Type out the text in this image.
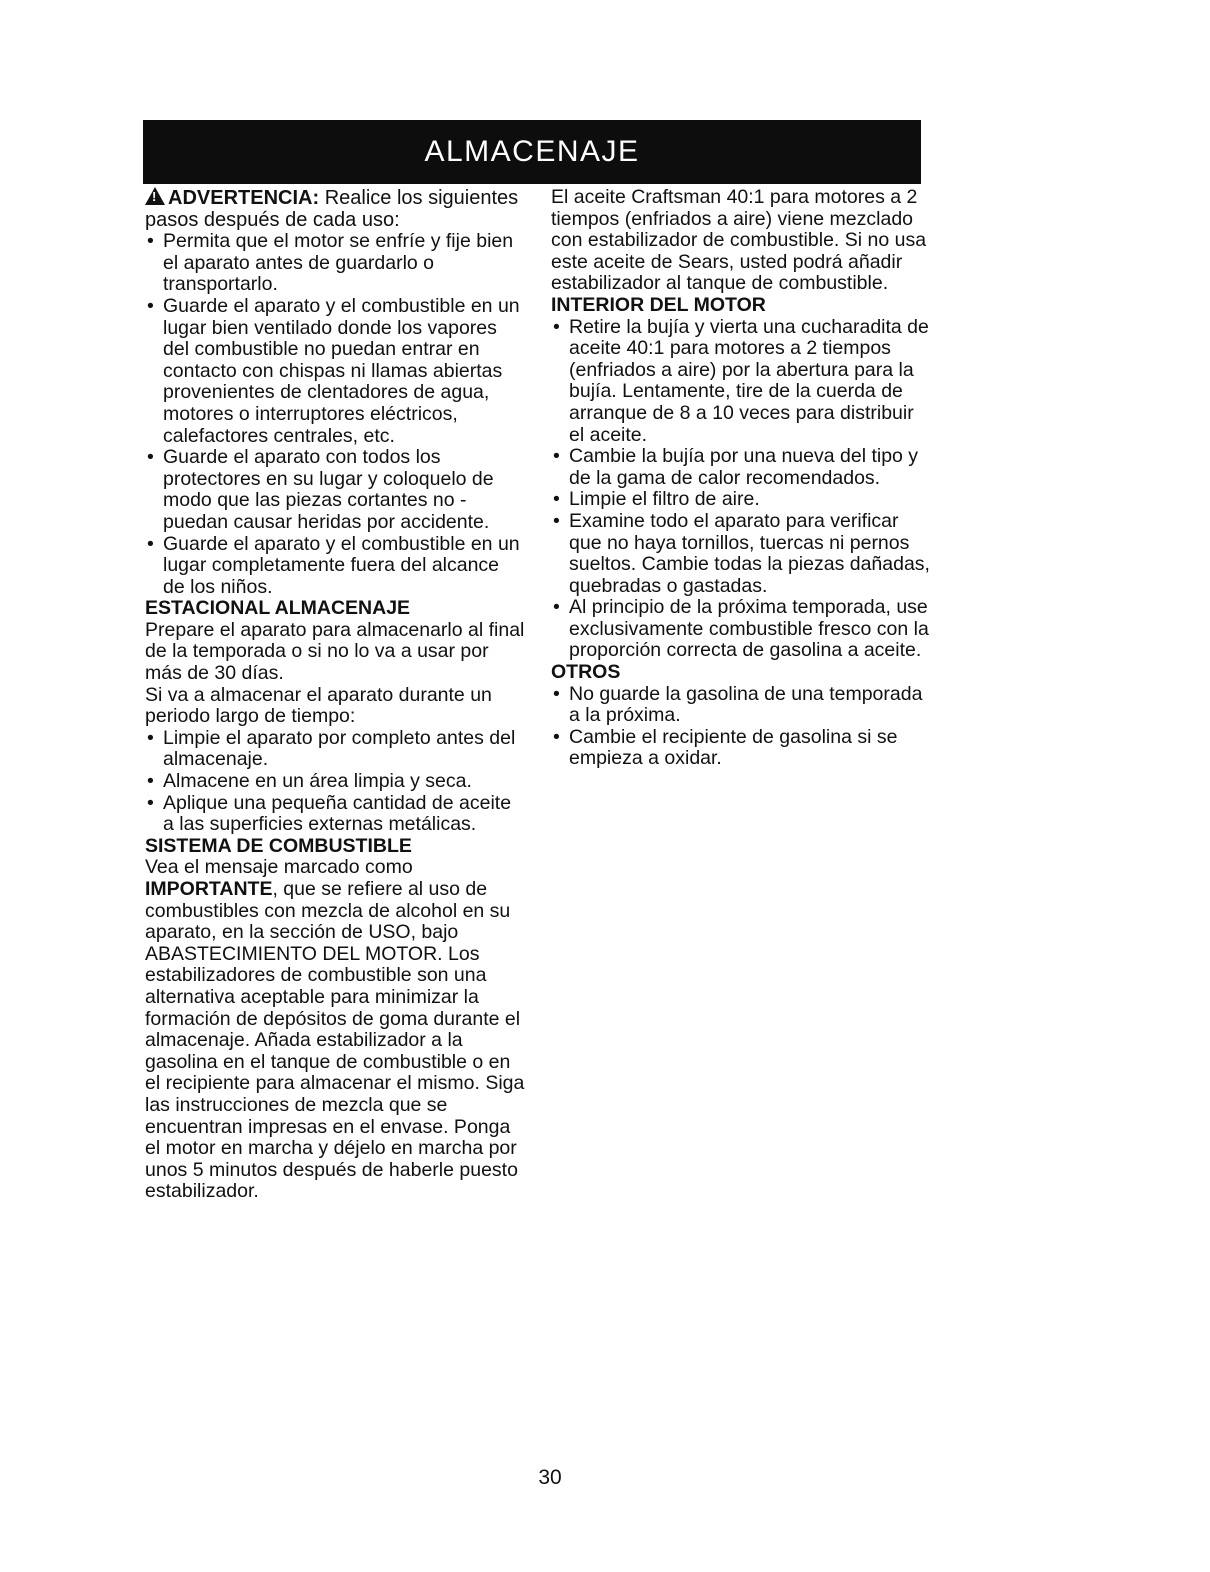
ALMACENAJE

!ADVERTENCIA: Realice los siguientes pasos después de cada uso:

• Permita que el motor se enfríe y fije bien el aparato antes de guardarlo o transportarlo.
• Guarde el aparato y el combustible en un lugar bien ventilado donde los vapores del combustible no puedan entrar en contacto con chispas ni llamas abiertas provenientes de clentadores de agua, motores o interruptores eléctricos, calefactores centrales, etc.
• Guarde el aparato con todos los protectores en su lugar y coloquelo de modo que las piezas cortantes no - puedan causar heridas por accidente.
• Guarde el aparato y el combustible en un lugar completamente fuera del alcance de los niños.

ESTACIONAL ALMACENAJE

Prepare el aparato para almacenarlo al final de la temporada o si no lo va a usar por más de 30 días.

Si va a almacenar el aparato durante un periodo largo de tiempo:

• Limpie el aparato por completo antes del almacenaje.
• Almacene en un área limpia y seca.
• Aplique una pequeña cantidad de aceite a las superficies externas metálicas.

SISTEMA DE COMBUSTIBLE

Vea el mensaje marcado como IMPORTANTE, que se refiere al uso de combustibles con mezcla de alcohol en su aparato, en la sección de USO, bajo ABASTECIMIENTO DEL MOTOR. Los estabilizadores de combustible son una alternativa aceptable para minimizar la formación de depósitos de goma durante el almacenaje. Añada estabilizador a la gasolina en el tanque de combustible o en el recipiente para almacenar el mismo. Siga las instrucciones de mezcla que se encuentran impresas en el envase. Ponga el motor en marcha y déjelo en marcha por unos 5 minutos después de haberle puesto estabilizador.

El aceite Craftsman 40:1 para motores a 2 tiempos (enfriados a aire) viene mezclado con estabilizador de combustible. Si no usa este aceite de Sears, usted podrá añadir estabilizador al tanque de combustible.

INTERIOR DEL MOTOR

• Retire la bujía y vierta una cucharadita de aceite 40:1 para motores a 2 tiempos (enfriados a aire) por la abertura para la bujía. Lentamente, tire de la cuerda de arranque de 8 a 10 veces para distribuir el aceite.
• Cambie la bujía por una nueva del tipo y de la gama de calor recomendados.
• Limpie el filtro de aire.
• Examine todo el aparato para verificar que no haya tornillos, tuercas ni pernos sueltos. Cambie todas la piezas dañadas, quebradas o gastadas.
• Al principio de la próxima temporada, use exclusivamente combustible fresco con la proporción correcta de gasolina a aceite.

OTROS

• No guarde la gasolina de una temporada a la próxima.
• Cambie el recipiente de gasolina si se empieza a oxidar.
30
